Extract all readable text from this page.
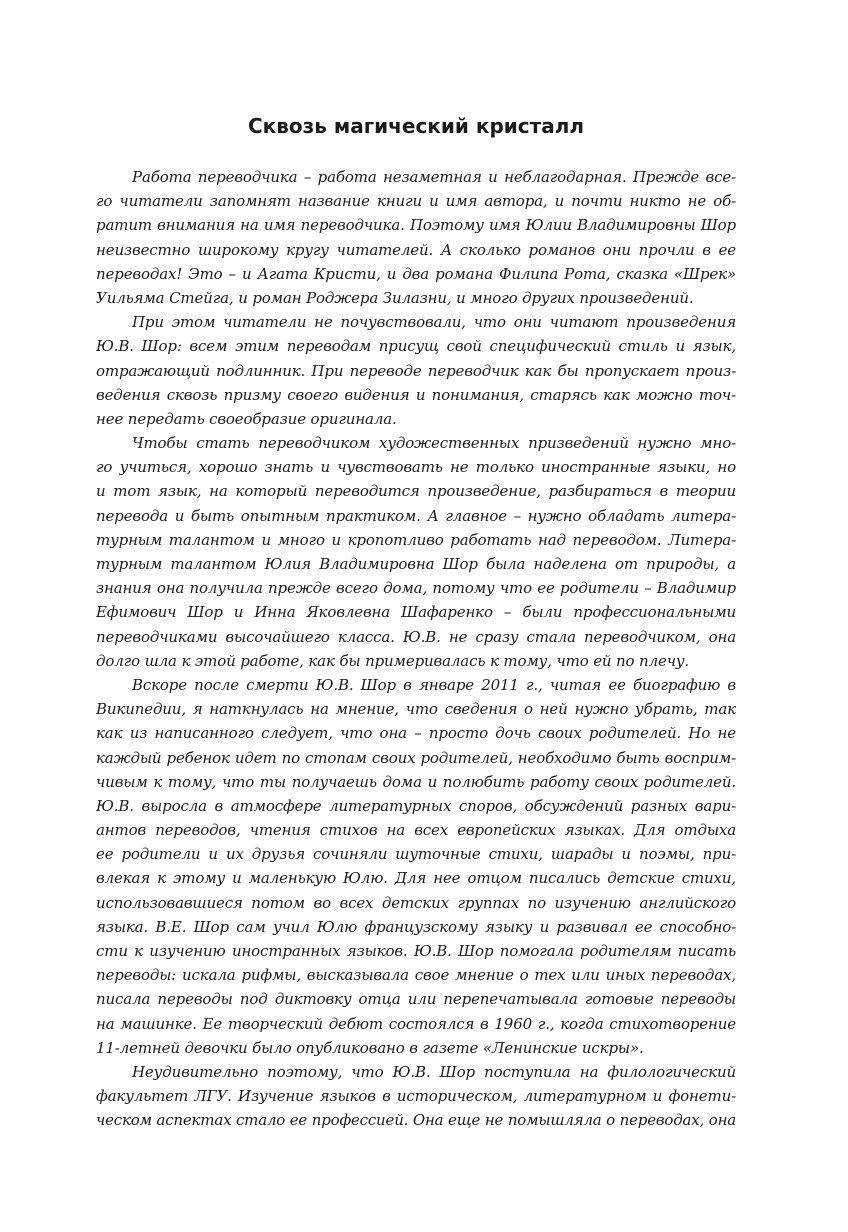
Сквозь магический кристалл
Работа переводчика – работа незаметная и неблагодарная. Прежде все-
го читатели запомнят название книги и имя автора, и почти никто не об-
ратит внимания на имя переводчика. Поэтому имя Юлии Владимировны Шор
неизвестно широкому кругу читателей. А сколько романов они прочли в ее
переводах! Это – и Агата Кристи, и два романа Филипа Рота, сказка «Шрек»
Уильяма Стейга, и роман Роджера Зилазни, и много других произведений.
При этом читатели не почувствовали, что они читают произведения
Ю.В. Шор: всем этим переводам присущ свой специфический стиль и язык,
отражающий подлинник. При переводе переводчик как бы пропускает произ-
ведения сквозь призму своего видения и понимания, старясь как можно точ-
нее передать своеобразие оригинала.
Чтобы стать переводчиком художественных призведений нужно мно-
го учиться, хорошо знать и чувствовать не только иностранные языки, но
и тот язык, на который переводится произведение, разбираться в теории
перевода и быть опытным практиком. А главное – нужно обладать литера-
турным талантом и много и кропотливо работать над переводом. Литера-
турным талантом Юлия Владимировна Шор была наделена от природы, а
знания она получила прежде всего дома, потому что ее родители – Владимир
Ефимович Шор и Инна Яковлевна Шафаренко – были профессиональными
переводчиками высочайшего класса. Ю.В. не сразу стала переводчиком, она
долго шла к этой работе, как бы примеривалась к тому, что ей по плечу.
Вскоре после смерти Ю.В. Шор в январе 2011 г., читая ее биографию в
Википедии, я наткнулась на мнение, что сведения о ней нужно убрать, так
как из написанного следует, что она – просто дочь своих родителей. Но не
каждый ребенок идет по стопам своих родителей, необходимо быть восприм-
чивым к тому, что ты получаешь дома и полюбить работу своих родителей.
Ю.В. выросла в атмосфере литературных споров, обсуждений разных вари-
антов переводов, чтения стихов на всех европейских языках. Для отдыха
ее родители и их друзья сочиняли шуточные стихи, шарады и поэмы, при-
влекая к этому и маленькую Юлю. Для нее отцом писались детские стихи,
использовавшиеся потом во всех детских группах по изучению английского
языка. В.Е. Шор сам учил Юлю французскому языку и развивал ее способно-
сти к изучению иностранных языков. Ю.В. Шор помогала родителям писать
переводы: искала рифмы, высказывала свое мнение о тех или иных переводах,
писала переводы под диктовку отца или перепечатывала готовые переводы
на машинке. Ее творческий дебют состоялся в 1960 г., когда стихотворение
11-летней девочки было опубликовано в газете «Ленинские искры».
Неудивительно поэтому, что Ю.В. Шор поступила на филологический
факультет ЛГУ. Изучение языков в историческом, литературном и фонети-
ческом аспектах стало ее профессией. Она еще не помышляла о переводах, она
